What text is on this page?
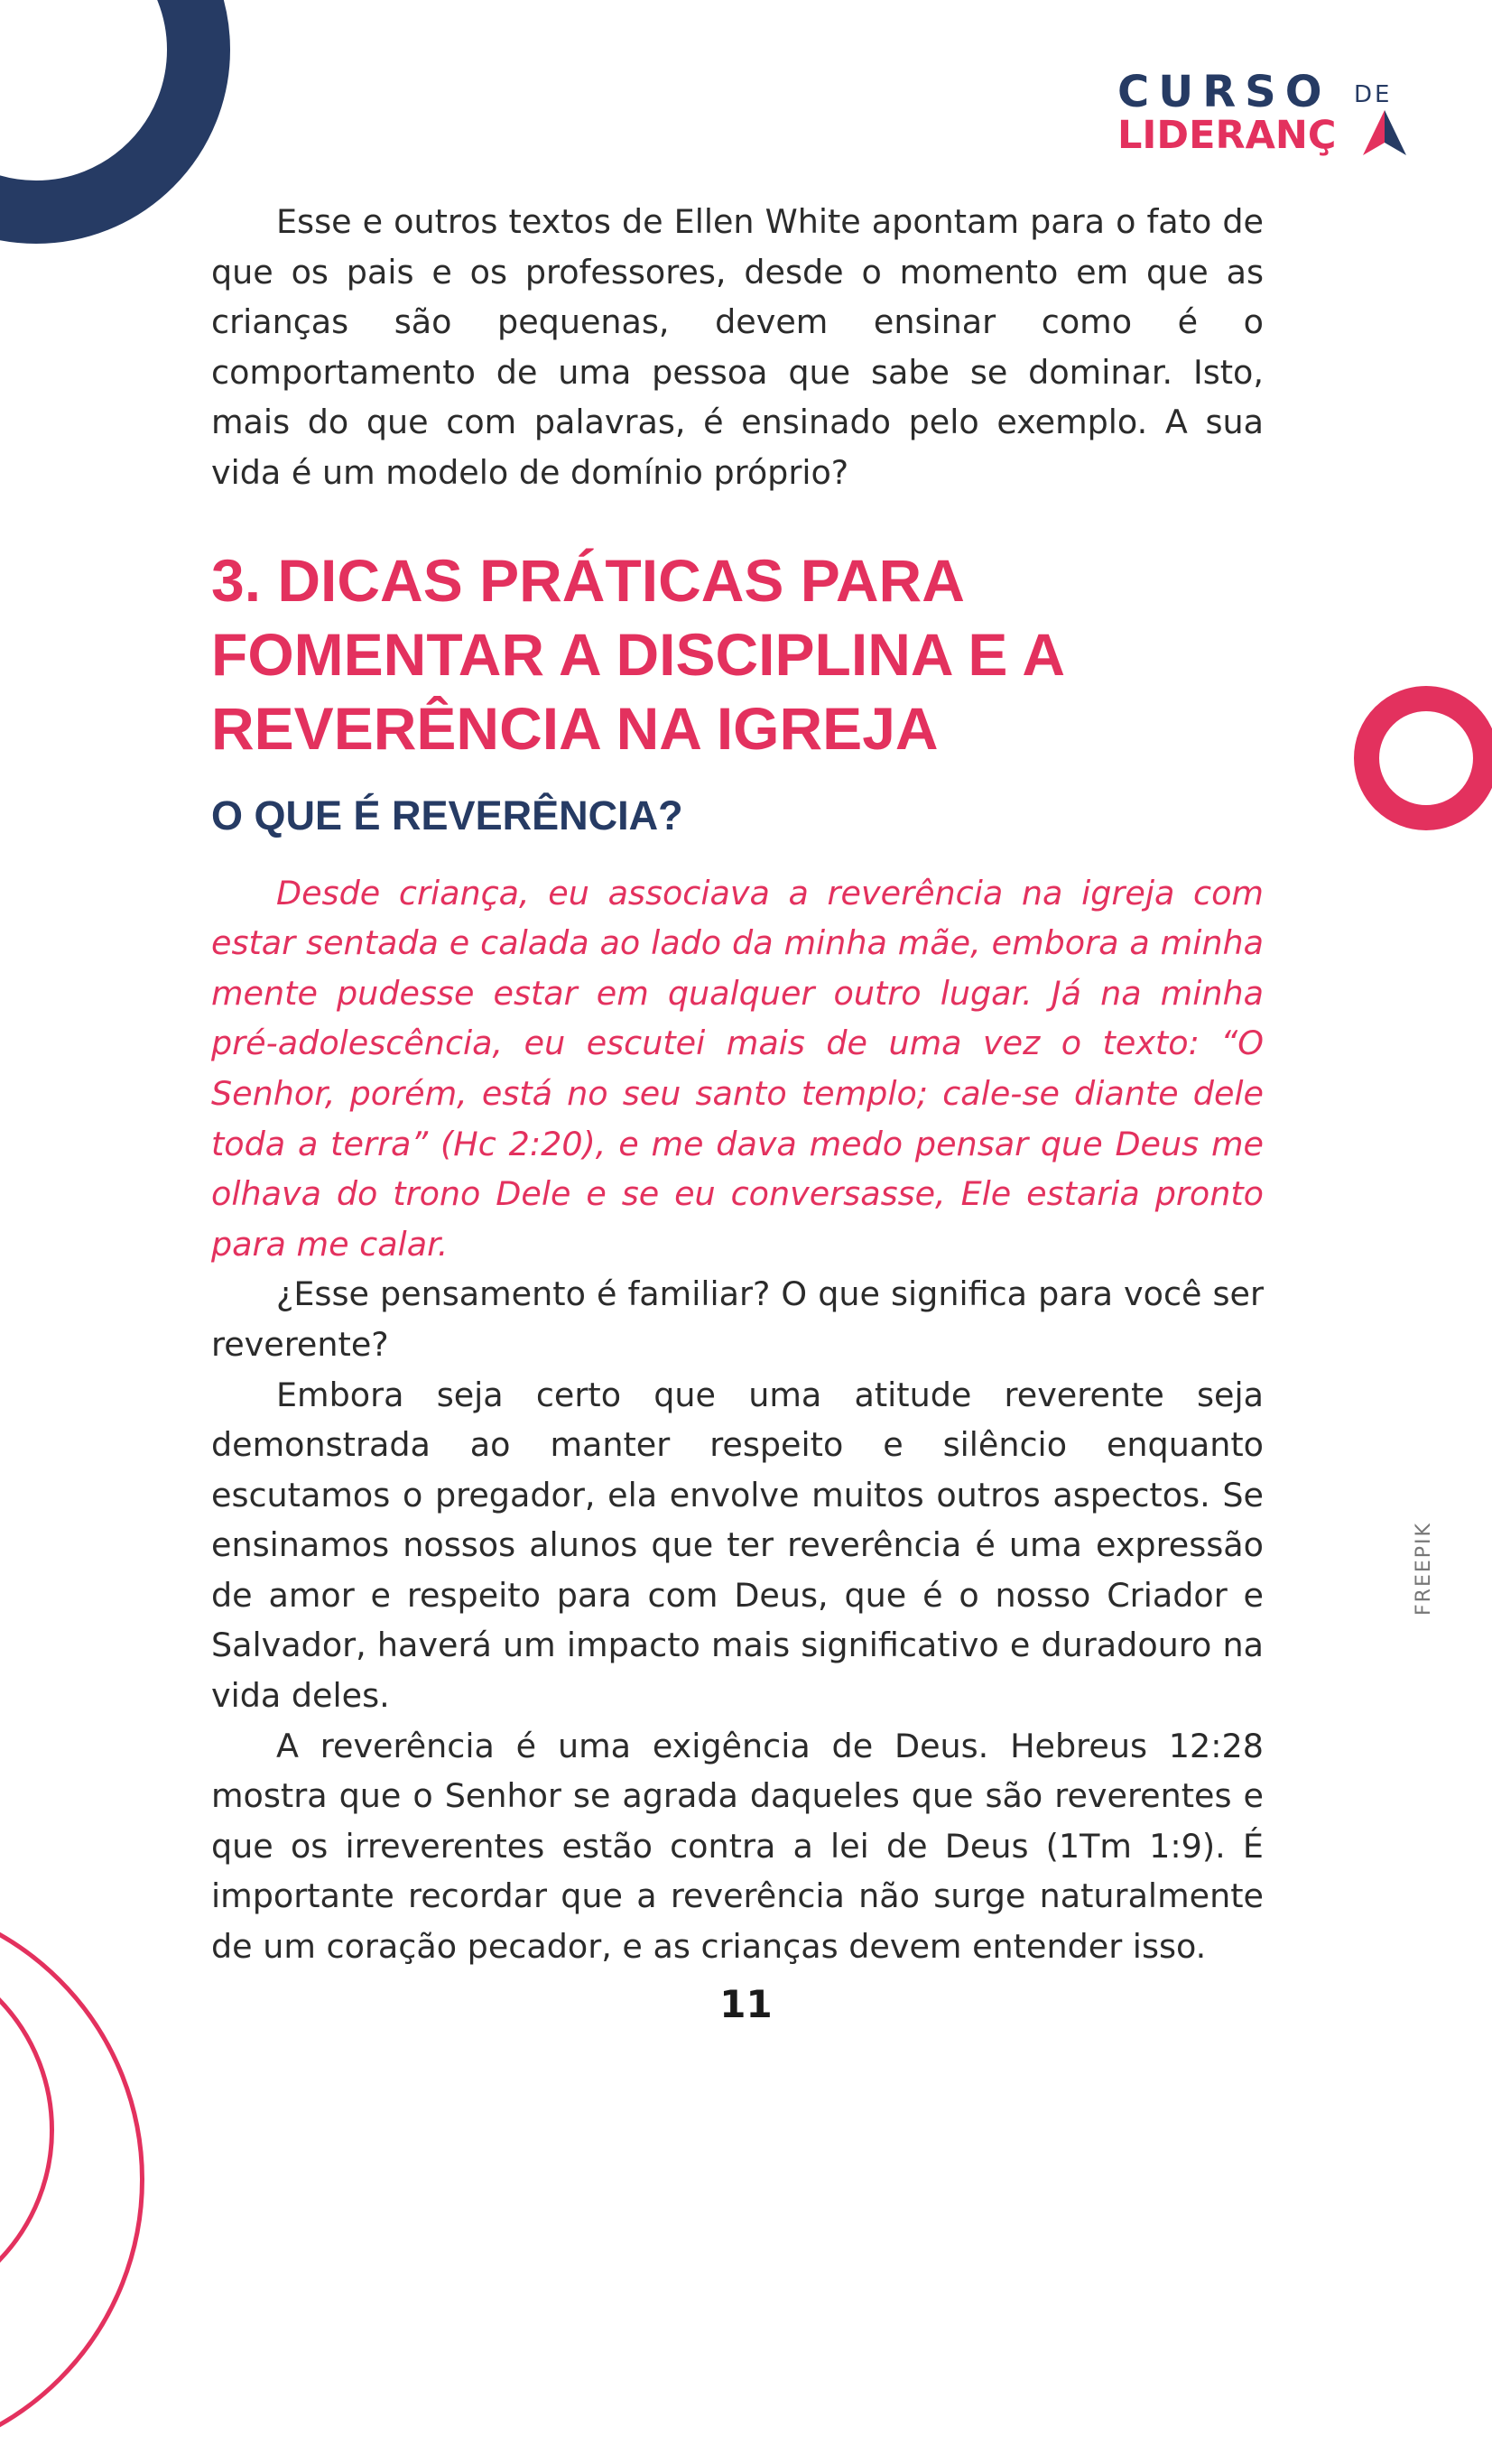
CURSO DE
LIDERANÇ

Esse e outros textos de Ellen White apontam para o fato de que os pais e os professores, desde o momento em que as crianças são pequenas, devem ensinar como é o comportamento de uma pessoa que sabe se dominar. Isto, mais do que com palavras, é ensinado pelo exemplo. A sua vida é um modelo de domínio próprio?

3. DICAS PRÁTICAS PARA FOMENTAR A DISCIPLINA E A REVERÊNCIA NA IGREJA
O QUE É REVERÊNCIA?

Desde criança, eu associava a reverência na igreja com estar sentada e calada ao lado da minha mãe, embora a minha mente pudesse estar em qualquer outro lugar. Já na minha pré-adolescência, eu escutei mais de uma vez o texto: “O Senhor, porém, está no seu santo templo; cale-se diante dele toda a terra” (Hc 2:20), e me dava medo pensar que Deus me olhava do trono Dele e se eu conversasse, Ele estaria pronto para me calar.

¿Esse pensamento é familiar? O que significa para você ser reverente?

Embora seja certo que uma atitude reverente seja demonstrada ao manter respeito e silêncio enquanto escutamos o pregador, ela envolve muitos outros aspectos. Se ensinamos nossos alunos que ter reverência é uma expressão de amor e respeito para com Deus, que é o nosso Criador e Salvador, haverá um impacto mais significativo e duradouro na vida deles.

A reverência é uma exigência de Deus. Hebreus 12:28 mostra que o Senhor se agrada daqueles que são reverentes e que os irreverentes estão contra a lei de Deus (1Tm 1:9). É importante recordar que a reverência não surge naturalmente de um coração pecador, e as crianças devem entender isso.

FREEPIK
11
